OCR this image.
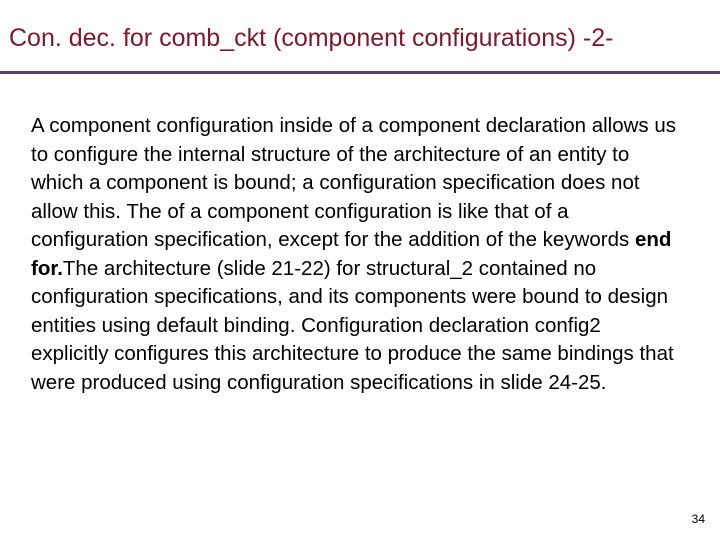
Con. dec. for comb_ckt (component configurations) -2-

A component configuration inside of a component declaration allows us to configure the internal structure of the architecture of an entity to which a component is bound; a configuration specification does not allow this. The of a component configuration is like that of a configuration specification, except for the addition of the keywords end for.The architecture (slide 21-22) for structural_2 contained no configuration specifications, and its components were bound to design entities using default binding. Configuration declaration config2 explicitly configures this architecture to produce the same bindings that were produced using configuration specifications in slide 24-25.

34
